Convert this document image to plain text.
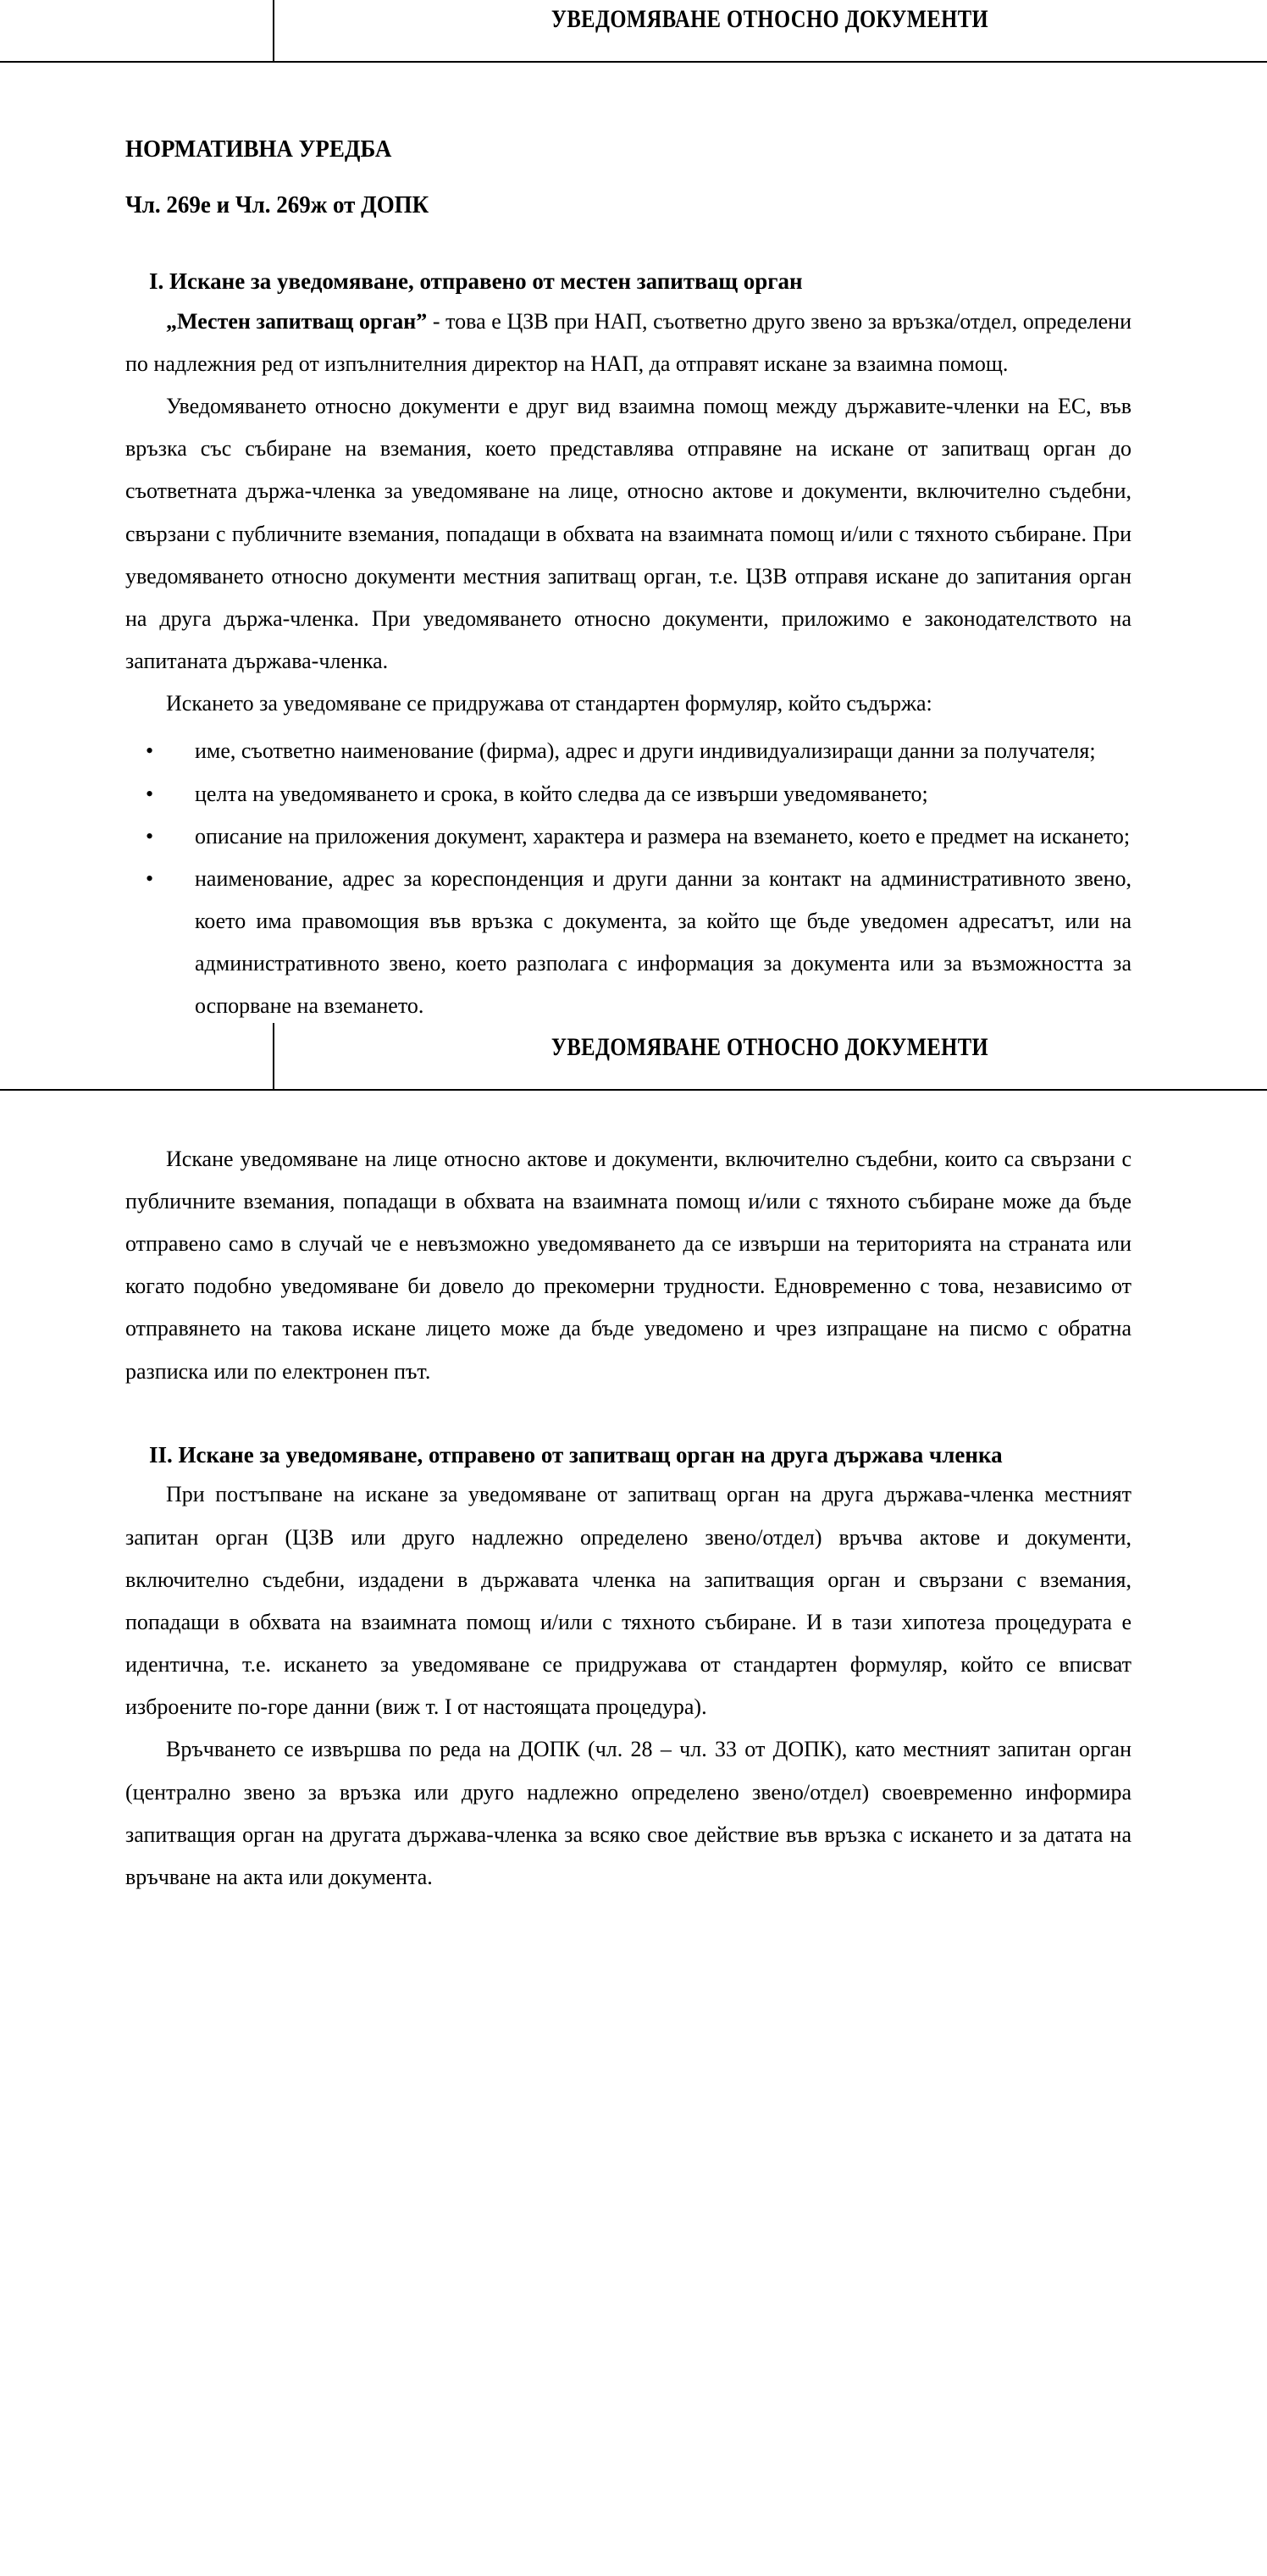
УВЕДОМЯВАНЕ ОТНОСНО ДОКУМЕНТИ
НОРМАТИВНА УРЕДБА
Чл. 269е и Чл. 269ж от ДОПК
I. Искане за уведомяване, отправено от местен запитващ орган

„Местен запитващ орган” - това е ЦЗВ при НАП, съответно друго звено за връзка/отдел, определени по надлежния ред от изпълнителния директор на НАП, да отправят искане за взаимна помощ.

Уведомяването относно документи е друг вид взаимна помощ между държавите-членки на ЕС, във връзка със събиране на вземания, което представлява отправяне на искане от запитващ орган до съответната държа-членка за уведомяване на лице, относно актове и документи, включително съдебни, свързани с публичните вземания, попадащи в обхвата на взаимната помощ и/или с тяхното събиране. При уведомяването относно документи местния запитващ орган, т.е. ЦЗВ отправя искане до запитания орган на друга държа-членка. При уведомяването относно документи, приложимо е законодателството на запитаната държава-членка.

Искането за уведомяване се придружава от стандартен формуляр, който съдържа:

• име, съответно наименование (фирма), адрес и други индивидуализиращи данни за получателя;
• целта на уведомяването и срока, в който следва да се извърши уведомяването;
• описание на приложения документ, характера и размера на вземането, което е предмет на искането;
• наименование, адрес за кореспонденция и други данни за контакт на административното звено, което има правомощия във връзка с документа, за който ще бъде уведомен адресатът, или на административното звено, което разполага с информация за документа или за възможността за оспорване на вземането.
УВЕДОМЯВАНЕ ОТНОСНО ДОКУМЕНТИ

Искане уведомяване на лице относно актове и документи, включително съдебни, които са свързани с публичните вземания, попадащи в обхвата на взаимната помощ и/или с тяхното събиране може да бъде отправено само в случай че е невъзможно уведомяването да се извърши на територията на страната или когато подобно уведомяване би довело до прекомерни трудности. Едновременно с това, независимо от отправянето на такова искане лицето може да бъде уведомено и чрез изпращане на писмо с обратна разписка или по електронен път.

II. Искане за уведомяване, отправено от запитващ орган на друга държава членка

При постъпване на искане за уведомяване от запитващ орган на друга държава-членка местният запитан орган (ЦЗВ или друго надлежно определено звено/отдел) връчва актове и документи, включително съдебни, издадени в държавата членка на запитващия орган и свързани с вземания, попадащи в обхвата на взаимната помощ и/или с тяхното събиране. И в тази хипотеза процедурата е идентична, т.е. искането за уведомяване се придружава от стандартен формуляр, който се вписват изброените по-горе данни (виж т. I от настоящата процедура).

Връчването се извършва по реда на ДОПК (чл. 28 – чл. 33 от ДОПК), като местният запитан орган (централно звено за връзка или друго надлежно определено звено/отдел) своевременно информира запитващия орган на другата държава-членка за всяко свое действие във връзка с искането и за датата на връчване на акта или документа.
